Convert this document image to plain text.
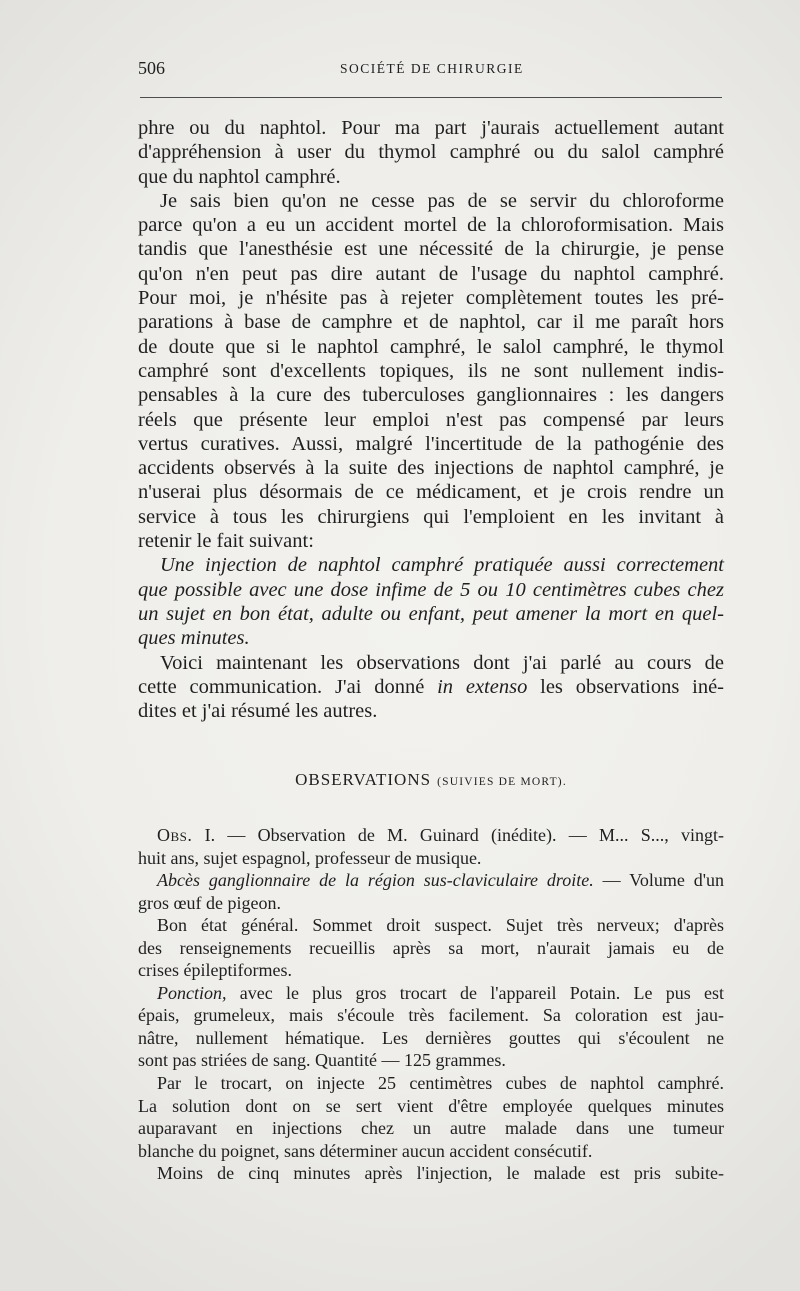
506	SOCIÉTÉ DE CHIRURGIE
phre ou du naphtol. Pour ma part j'aurais actuellement autant
d'appréhension à user du thymol camphré ou du salol camphré
que du naphtol camphré.
Je sais bien qu'on ne cesse pas de se servir du chloroforme
parce qu'on a eu un accident mortel de la chloroformisation. Mais
tandis que l'anesthésie est une nécessité de la chirurgie, je pense
qu'on n'en peut pas dire autant de l'usage du naphtol camphré.
Pour moi, je n'hésite pas à rejeter complètement toutes les pré-
parations à base de camphre et de naphtol, car il me paraît hors
de doute que si le naphtol camphré, le salol camphré, le thymol
camphré sont d'excellents topiques, ils ne sont nullement indis-
pensables à la cure des tuberculoses ganglionnaires : les dangers
réels que présente leur emploi n'est pas compensé par leurs
vertus curatives. Aussi, malgré l'incertitude de la pathogénie des
accidents observés à la suite des injections de naphtol camphré, je
n'userai plus désormais de ce médicament, et je crois rendre un
service à tous les chirurgiens qui l'emploient en les invitant à
retenir le fait suivant:
Une injection de naphtol camphré pratiquée aussi correctement
que possible avec une dose infime de 5 ou 10 centimètres cubes chez
un sujet en bon état, adulte ou enfant, peut amener la mort en quel-
ques minutes.
Voici maintenant les observations dont j'ai parlé au cours de
cette communication. J'ai donné in extenso les observations iné-
dites et j'ai résumé les autres.
OBSERVATIONS (SUIVIES DE MORT).
Obs. I. — Observation de M. Guinard (inédite). — M... S..., vingt-
huit ans, sujet espagnol, professeur de musique.
Abcès ganglionnaire de la région sus-claviculaire droite. — Volume d'un
gros œuf de pigeon.
Bon état général. Sommet droit suspect. Sujet très nerveux; d'après
des renseignements recueillis après sa mort, n'aurait jamais eu de
crises épileptiformes.
Ponction, avec le plus gros trocart de l'appareil Potain. Le pus est
épais, grumeleux, mais s'écoule très facilement. Sa coloration est jau-
nâtre, nullement hématique. Les dernières gouttes qui s'écoulent ne
sont pas striées de sang. Quantité — 125 grammes.
Par le trocart, on injecte 25 centimètres cubes de naphtol camphré.
La solution dont on se sert vient d'être employée quelques minutes
auparavant en injections chez un autre malade dans une tumeur
blanche du poignet, sans déterminer aucun accident consécutif.
Moins de cinq minutes après l'injection, le malade est pris subite-
